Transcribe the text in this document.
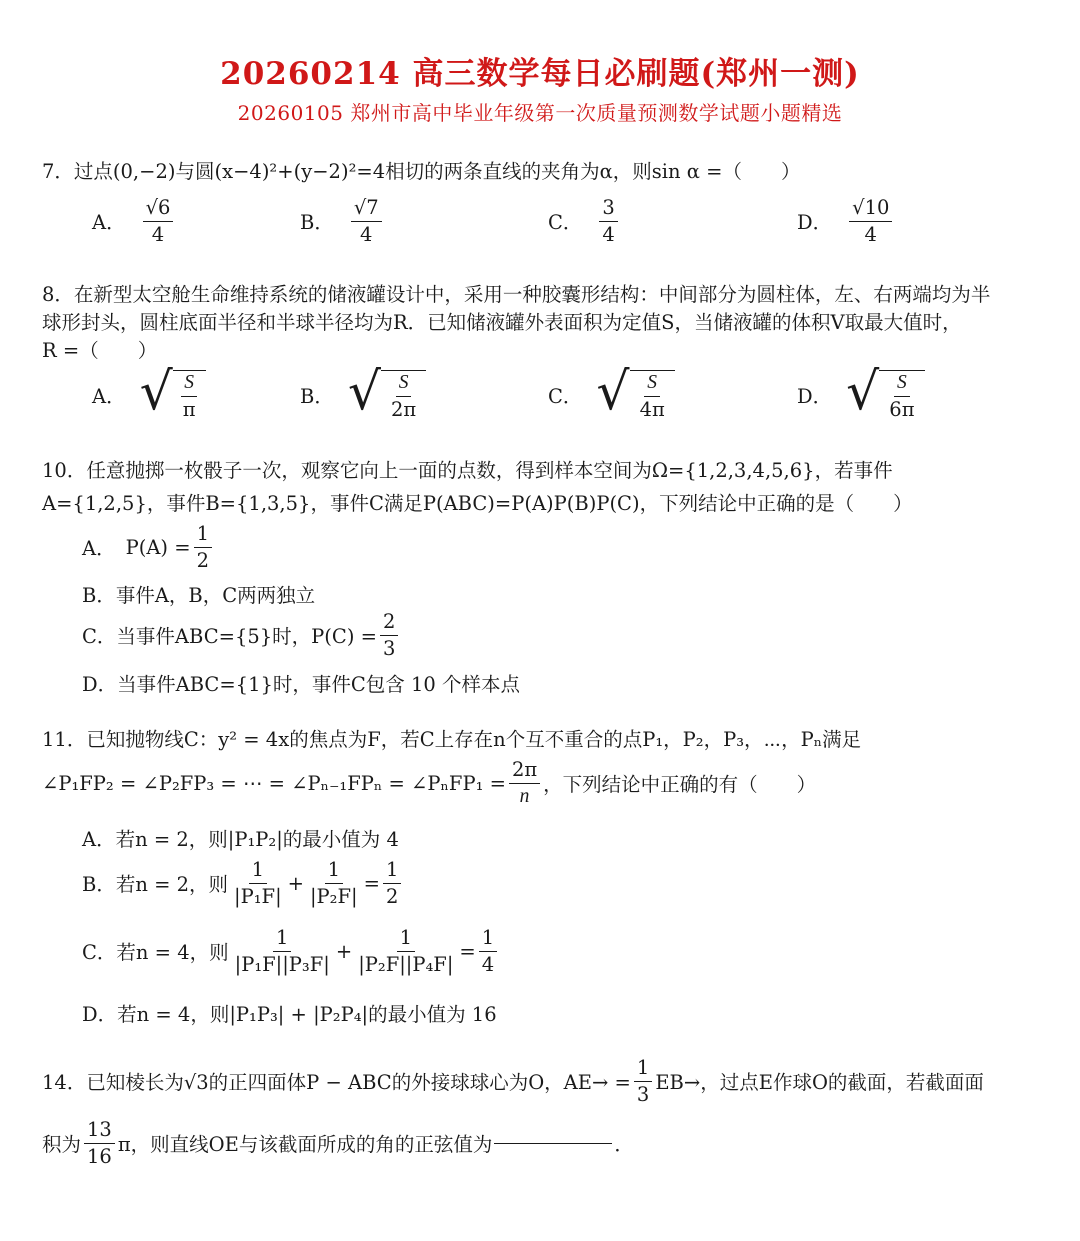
20260214 高三数学每日必刷题(郑州一测)
20260105 郑州市高中毕业年级第一次质量预测数学试题小题精选
7．过点(0,−2)与圆(x−4)²+(y−2)²=4相切的两条直线的夹角为α，则sin α =（　　）
A． $\frac{√6}{4}$	B． $\frac{√7}{4}$	C． $\frac{3}{4}$	D． $\frac{√10}{4}$
8．在新型太空舱生命维持系统的储液罐设计中，采用一种胶囊形结构：中间部分为圆柱体，左、右两端均为半
球形封头，圆柱底面半径和半球半径均为R．已知储液罐外表面积为定值S，当储液罐的体积V取最大值时，
R =（　　）
A． √ $\frac{S}{\pi}$	B． √ $\frac{S}{2\pi}$	C． √ $\frac{S}{4\pi}$	D． √ $\frac{S}{6\pi}$
10．任意抛掷一枚骰子一次，观察它向上一面的点数，得到样本空间为Ω={1,2,3,4,5,6}，若事件
A={1,2,5}，事件B={1,3,5}，事件C满足P(ABC)=P(A)P(B)P(C)，下列结论中正确的是（　　）
A． $P(A) = \frac{1}{2}$
B．事件A，B，C两两独立
C．当事件ABC={5}时，$P(C) = \frac{2}{3}$
D．当事件ABC={1}时，事件C包含 10 个样本点
11．已知抛物线C：y² = 4x的焦点为F，若C上存在n个互不重合的点P₁，P₂，P₃，⋯，Pₙ满足
∠P₁FP₂ = ∠P₂FP₃ = ⋯ = ∠Pₙ₋₁FPₙ = ∠PₙFP₁ = $\frac{2\pi}{n}$ ，下列结论中正确的有（　　）
A．若n = 2，则|P₁P₂|的最小值为 4
B．若n = 2，则 $\frac{1}{\text{|P₁F|}} + \frac{1}{\text{|P₂F|}} = \frac{1}{2}$
C．若n = 4，则 $\frac{1}{\text{|P₁F||P₃F|}} + \frac{1}{\text{|P₂F||P₄F|}} = \frac{1}{4}$
D．若n = 4，则|P₁P₃| + |P₂P₄|的最小值为 16
14．已知棱长为√3的正四面体P − ABC的外接球球心为O，$AE\to = \frac{1}{3} EB\to$，过点E作球O的截面，若截面面
积为 $\frac{13}{16}$ π，则直线OE与该截面所成的角的正弦值为	．
